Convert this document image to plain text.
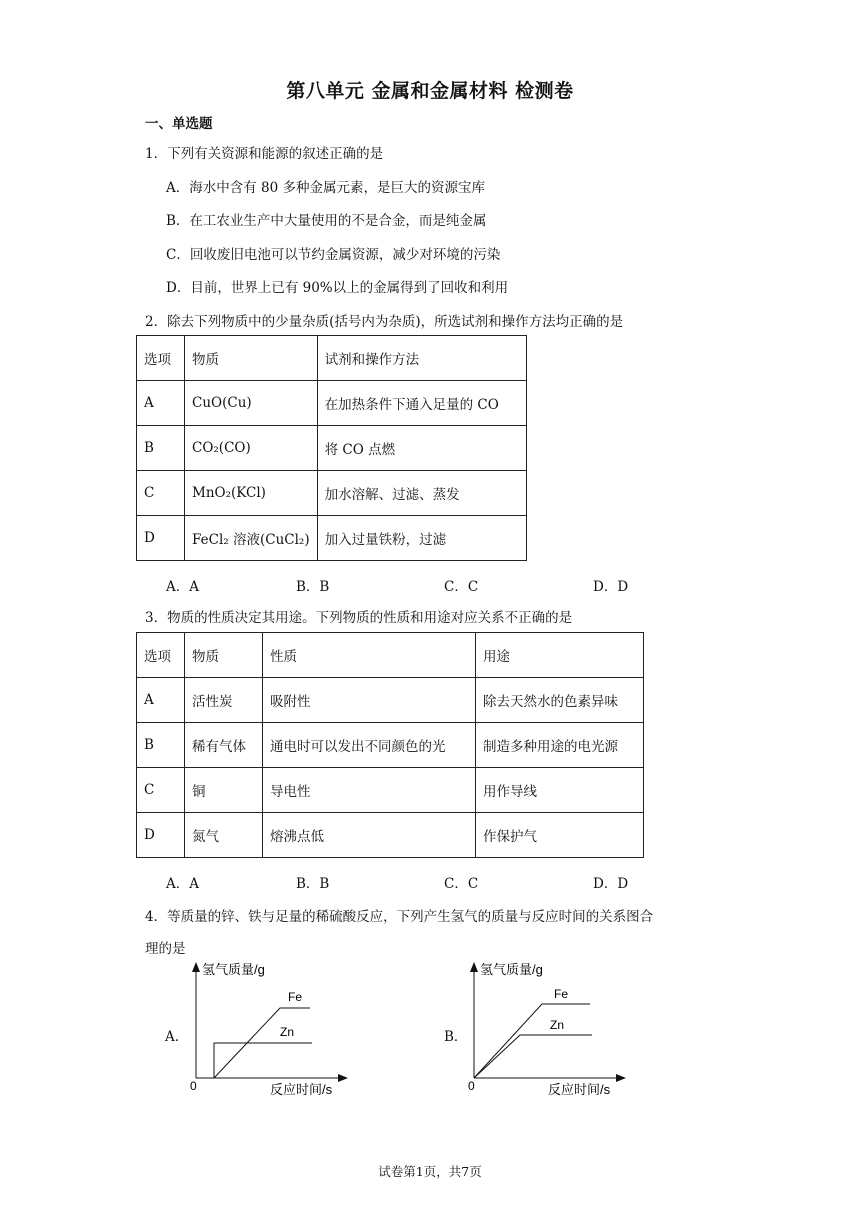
第八单元 金属和金属材料 检测卷
一、单选题
1．下列有关资源和能源的叙述正确的是
A．海水中含有 80 多种金属元素，是巨大的资源宝库
B．在工农业生产中大量使用的不是合金，而是纯金属
C．回收废旧电池可以节约金属资源，减少对环境的污染
D．目前，世界上已有 90%以上的金属得到了回收和利用
2．除去下列物质中的少量杂质(括号内为杂质)，所选试剂和操作方法均正确的是
选项	物质	试剂和操作方法
A	CuO(Cu)	在加热条件下通入足量的 CO
B	CO₂(CO)	将 CO 点燃
C	MnO₂(KCl)	加水溶解、过滤、蒸发
D	FeCl₂ 溶液(CuCl₂)	加入过量铁粉，过滤
A．A	B．B	C．C	D．D
3．物质的性质决定其用途。下列物质的性质和用途对应关系不正确的是
选项	物质	性质	用途
A	活性炭	吸附性	除去天然水的色素异味
B	稀有气体	通电时可以发出不同颜色的光	制造多种用途的电光源
C	铜	导电性	用作导线
D	氮气	熔沸点低	作保护气
A．A	B．B	C．C	D．D
4．等质量的锌、铁与足量的稀硫酸反应，下列产生氢气的质量与反应时间的关系图合
理的是
A．
氢气质量/g
反应时间/s
0
Fe
Zn	B．
氢气质量/g
反应时间/s
0
Fe
Zn
试卷第1页，共7页
